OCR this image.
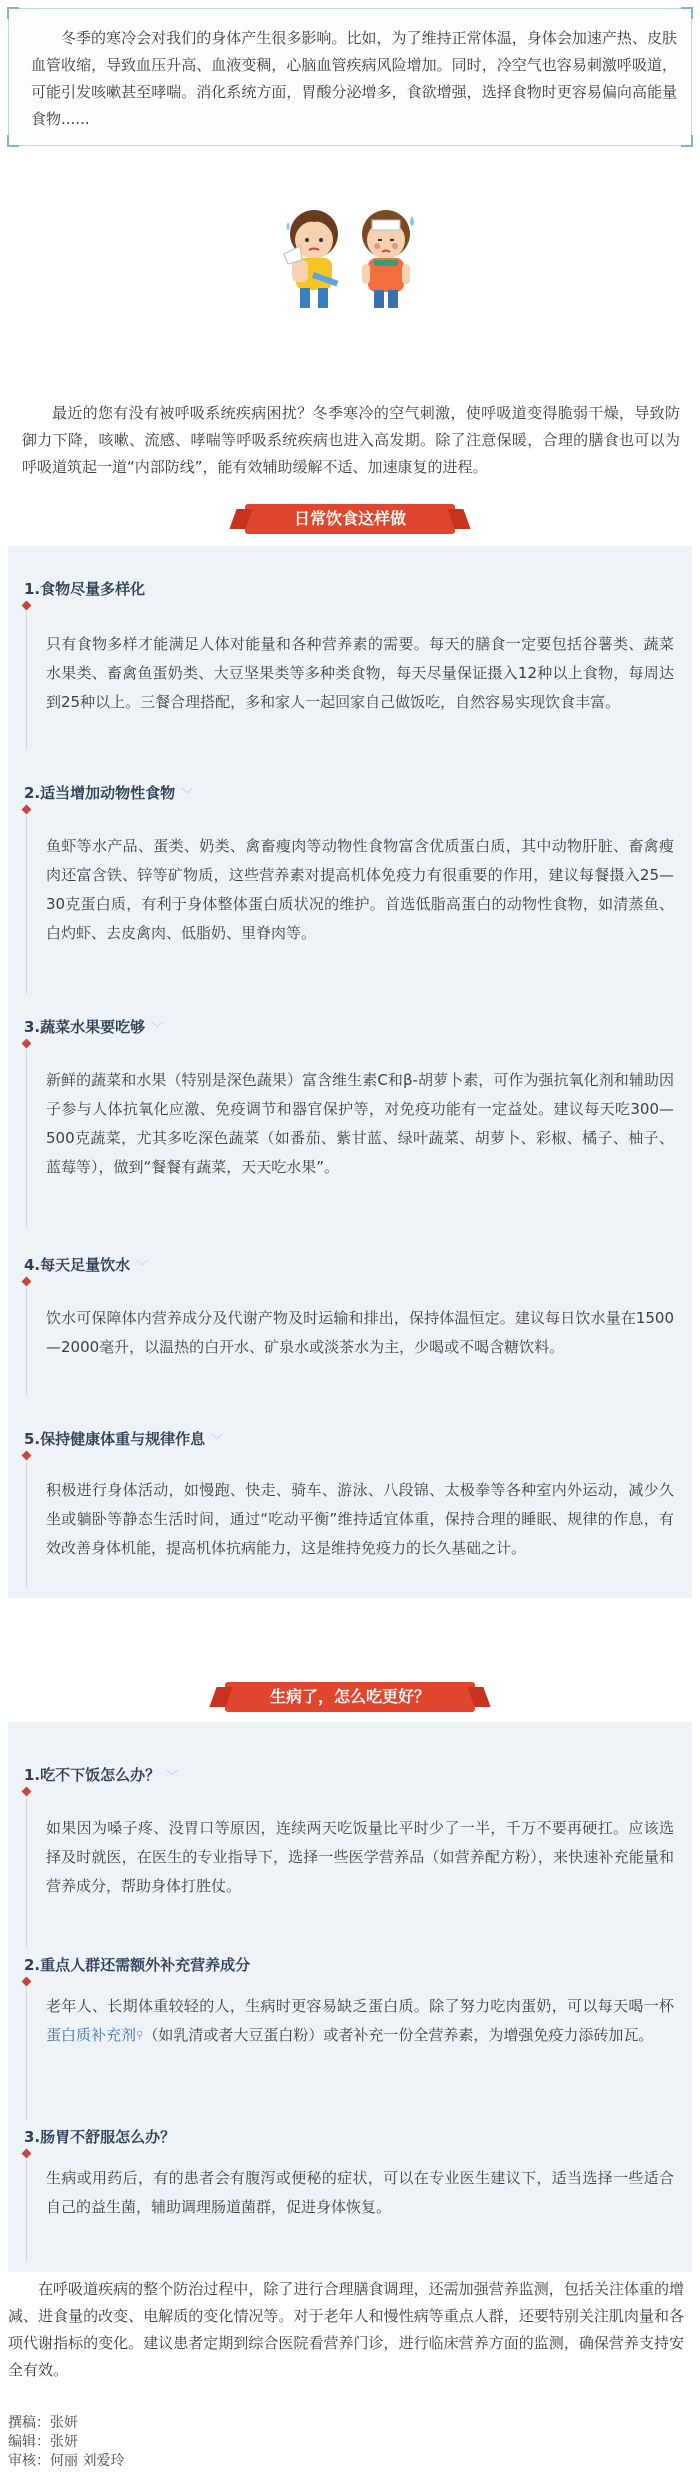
冬季的寒冷会对我们的身体产生很多影响。比如，为了维持正常体温，身体会加速产热、皮肤血管收缩，导致血压升高、血液变稠，心脑血管疾病风险增加。同时，冷空气也容易刺激呼吸道，可能引发咳嗽甚至哮喘。消化系统方面，胃酸分泌增多，食欲增强，选择食物时更容易偏向高能量食物......
最近的您有没有被呼吸系统疾病困扰？冬季寒冷的空气刺激，使呼吸道变得脆弱干燥，导致防御力下降，咳嗽、流感、哮喘等呼吸系统疾病也进入高发期。除了注意保暖，合理的膳食也可以为呼吸道筑起一道“内部防线”，能有效辅助缓解不适、加速康复的进程。
日常饮食这样做
1.食物尽量多样化
只有食物多样才能满足人体对能量和各种营养素的需要。每天的膳食一定要包括谷薯类、蔬菜水果类、畜禽鱼蛋奶类、大豆坚果类等多种类食物，每天尽量保证摄入12种以上食物，每周达到25种以上。三餐合理搭配，多和家人一起回家自己做饭吃，自然容易实现饮食丰富。
2.适当增加动物性食物 ﹀
鱼虾等水产品、蛋类、奶类、禽畜瘦肉等动物性食物富含优质蛋白质，其中动物肝脏、畜禽瘦肉还富含铁、锌等矿物质，这些营养素对提高机体免疫力有很重要的作用，建议每餐摄入25—30克蛋白质，有利于身体整体蛋白质状况的维护。首选低脂高蛋白的动物性食物，如清蒸鱼、白灼虾、去皮禽肉、低脂奶、里脊肉等。
3.蔬菜水果要吃够 ﹀
新鲜的蔬菜和水果（特别是深色蔬果）富含维生素C和β-胡萝卜素，可作为强抗氧化剂和辅助因子参与人体抗氧化应激、免疫调节和器官保护等，对免疫功能有一定益处。建议每天吃300—500克蔬菜，尤其多吃深色蔬菜（如番茄、紫甘蓝、绿叶蔬菜、胡萝卜、彩椒、橘子、柚子、蓝莓等），做到“餐餐有蔬菜，天天吃水果”。
4.每天足量饮水 ﹀
饮水可保障体内营养成分及代谢产物及时运输和排出，保持体温恒定。建议每日饮水量在1500—2000毫升，以温热的白开水、矿泉水或淡茶水为主，少喝或不喝含糖饮料。
5.保持健康体重与规律作息 ﹀
积极进行身体活动，如慢跑、快走、骑车、游泳、八段锦、太极拳等各种室内外运动，减少久坐或躺卧等静态生活时间，通过“吃动平衡”维持适宜体重，保持合理的睡眠、规律的作息，有效改善身体机能，提高机体抗病能力，这是维持免疫力的长久基础之计。
生病了，怎么吃更好？
1.吃不下饭怎么办？ ﹀
如果因为嗓子疼、没胃口等原因，连续两天吃饭量比平时少了一半，千万不要再硬扛。应该选择及时就医，在医生的专业指导下，选择一些医学营养品（如营养配方粉），来快速补充能量和营养成分，帮助身体打胜仗。
2.重点人群还需额外补充营养成分
老年人、长期体重较轻的人，生病时更容易缺乏蛋白质。除了努力吃肉蛋奶，可以每天喝一杯蛋白质补充剂⚲（如乳清或者大豆蛋白粉）或者补充一份全营养素，为增强免疫力添砖加瓦。
3.肠胃不舒服怎么办？
生病或用药后，有的患者会有腹泻或便秘的症状，可以在专业医生建议下，适当选择一些适合自己的益生菌，辅助调理肠道菌群，促进身体恢复。
在呼吸道疾病的整个防治过程中，除了进行合理膳食调理，还需加强营养监测，包括关注体重的增减、进食量的改变、电解质的变化情况等。对于老年人和慢性病等重点人群，还要特别关注肌肉量和各项代谢指标的变化。建议患者定期到综合医院看营养门诊，进行临床营养方面的监测，确保营养支持安全有效。
撰稿：张妍
编辑：张妍
审核：何丽 刘爱玲
